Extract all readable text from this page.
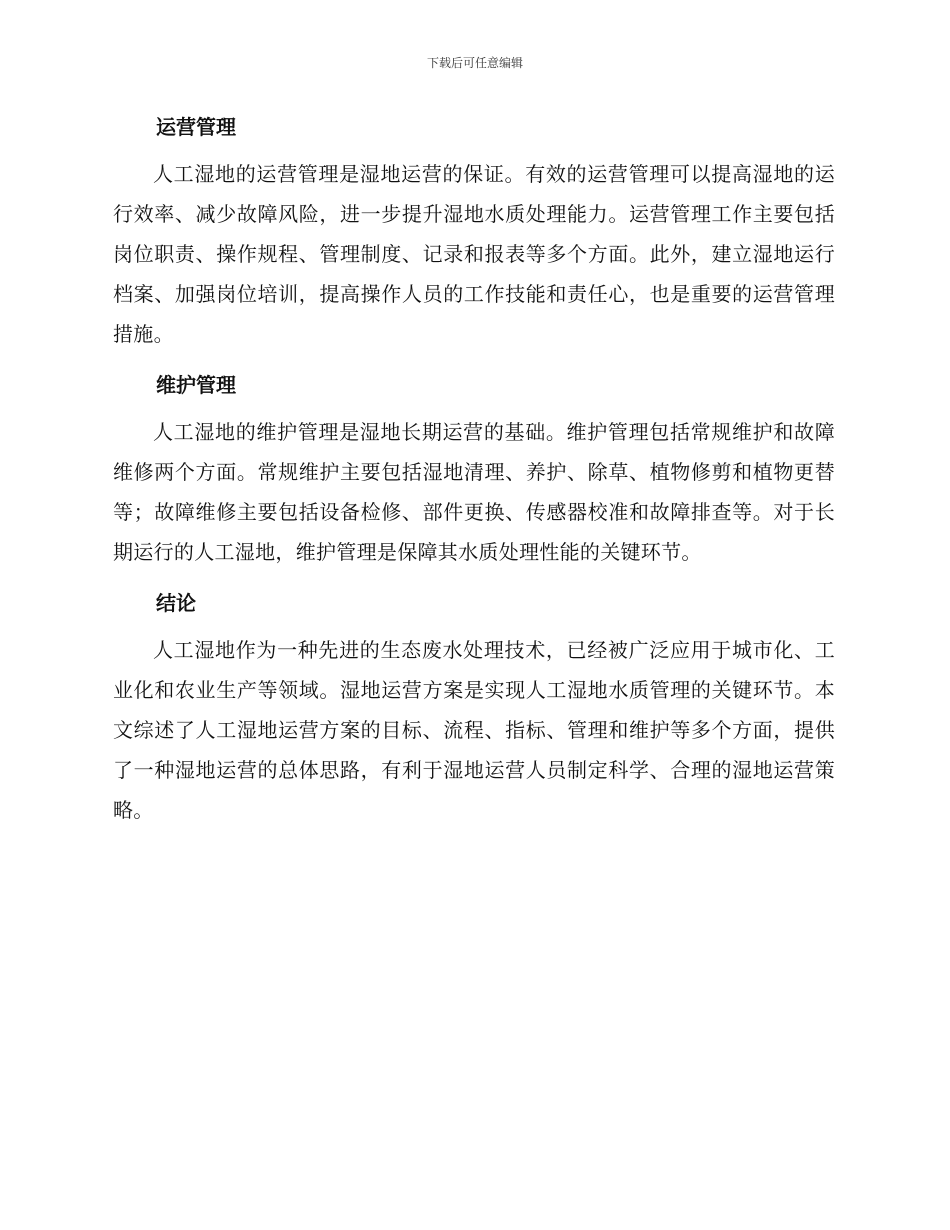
下载后可任意编辑
运营管理

人工湿地的运营管理是湿地运营的保证。有效的运营管理可以提高湿地的运行效率、减少故障风险，进一步提升湿地水质处理能力。运营管理工作主要包括岗位职责、操作规程、管理制度、记录和报表等多个方面。此外，建立湿地运行档案、加强岗位培训，提高操作人员的工作技能和责任心，也是重要的运营管理措施。

维护管理

人工湿地的维护管理是湿地长期运营的基础。维护管理包括常规维护和故障维修两个方面。常规维护主要包括湿地清理、养护、除草、植物修剪和植物更替等；故障维修主要包括设备检修、部件更换、传感器校准和故障排查等。对于长期运行的人工湿地，维护管理是保障其水质处理性能的关键环节。

结论

人工湿地作为一种先进的生态废水处理技术，已经被广泛应用于城市化、工业化和农业生产等领域。湿地运营方案是实现人工湿地水质管理的关键环节。本文综述了人工湿地运营方案的目标、流程、指标、管理和维护等多个方面，提供了一种湿地运营的总体思路，有利于湿地运营人员制定科学、合理的湿地运营策略。
